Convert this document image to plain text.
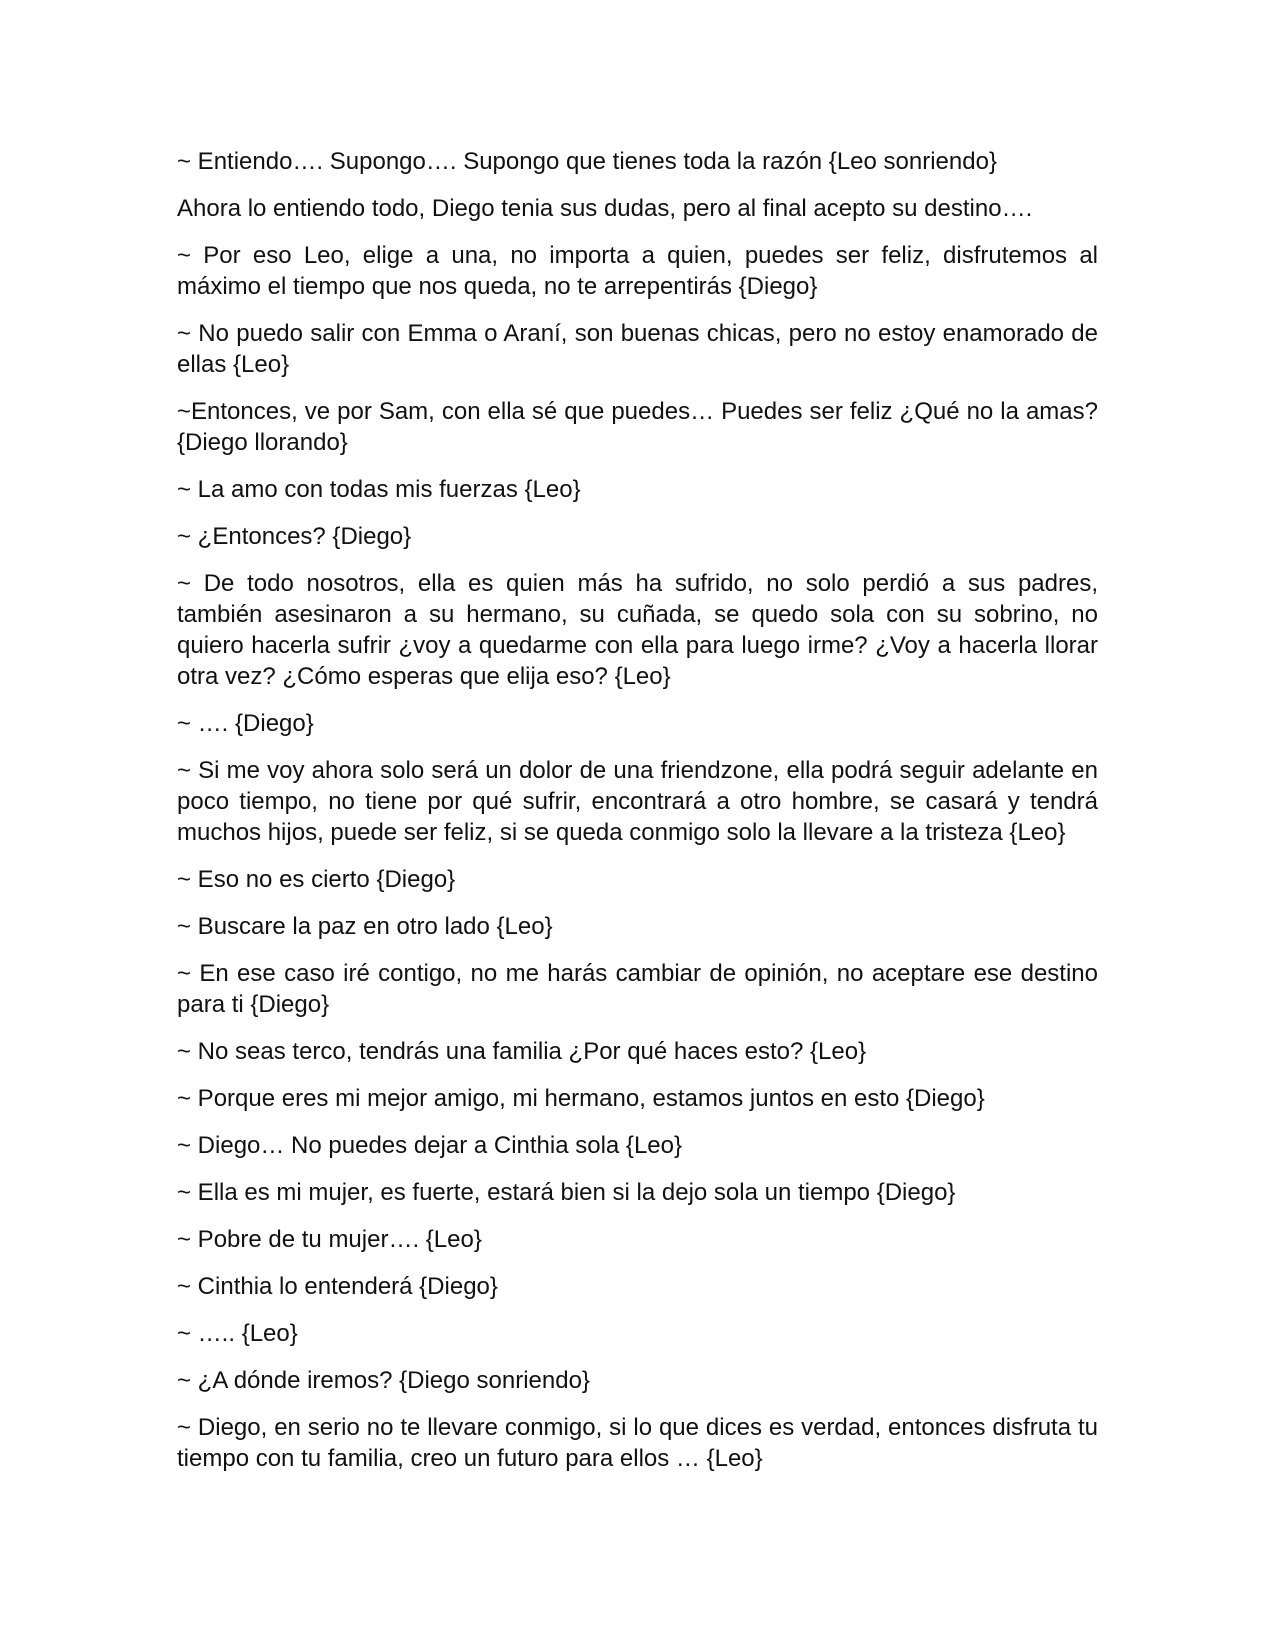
~ Entiendo…. Supongo…. Supongo que tienes toda la razón {Leo sonriendo}

Ahora lo entiendo todo, Diego tenia sus dudas, pero al final acepto su destino….

~ Por eso Leo, elige a una, no importa a quien, puedes ser feliz, disfrutemos al máximo el tiempo que nos queda, no te arrepentirás {Diego}

~ No puedo salir con Emma o Araní, son buenas chicas, pero no estoy enamorado de ellas {Leo}

~Entonces, ve por Sam, con ella sé que puedes… Puedes ser feliz ¿Qué no la amas? {Diego llorando}

~ La amo con todas mis fuerzas {Leo}

~ ¿Entonces? {Diego}

~ De todo nosotros, ella es quien más ha sufrido, no solo perdió a sus padres, también asesinaron a su hermano, su cuñada, se quedo sola con su sobrino, no quiero hacerla sufrir ¿voy a quedarme con ella para luego irme? ¿Voy a hacerla llorar otra vez? ¿Cómo esperas que elija eso? {Leo}

~ …. {Diego}

~ Si me voy ahora solo será un dolor de una friendzone, ella podrá seguir adelante en poco tiempo, no tiene por qué sufrir, encontrará a otro hombre, se casará y tendrá muchos hijos, puede ser feliz, si se queda conmigo solo la llevare a la tristeza {Leo}

~ Eso no es cierto {Diego}

~ Buscare la paz en otro lado {Leo}

~ En ese caso iré contigo, no me harás cambiar de opinión, no aceptare ese destino para ti {Diego}

~ No seas terco, tendrás una familia ¿Por qué haces esto? {Leo}

~ Porque eres mi mejor amigo, mi hermano, estamos juntos en esto {Diego}

~ Diego… No puedes dejar a Cinthia sola {Leo}

~ Ella es mi mujer, es fuerte, estará bien si la dejo sola un tiempo {Diego}

~ Pobre de tu mujer…. {Leo}

~ Cinthia lo entenderá {Diego}

~ ….. {Leo}

~ ¿A dónde iremos? {Diego sonriendo}

~ Diego, en serio no te llevare conmigo, si lo que dices es verdad, entonces disfruta tu tiempo con tu familia, creo un futuro para ellos … {Leo}
